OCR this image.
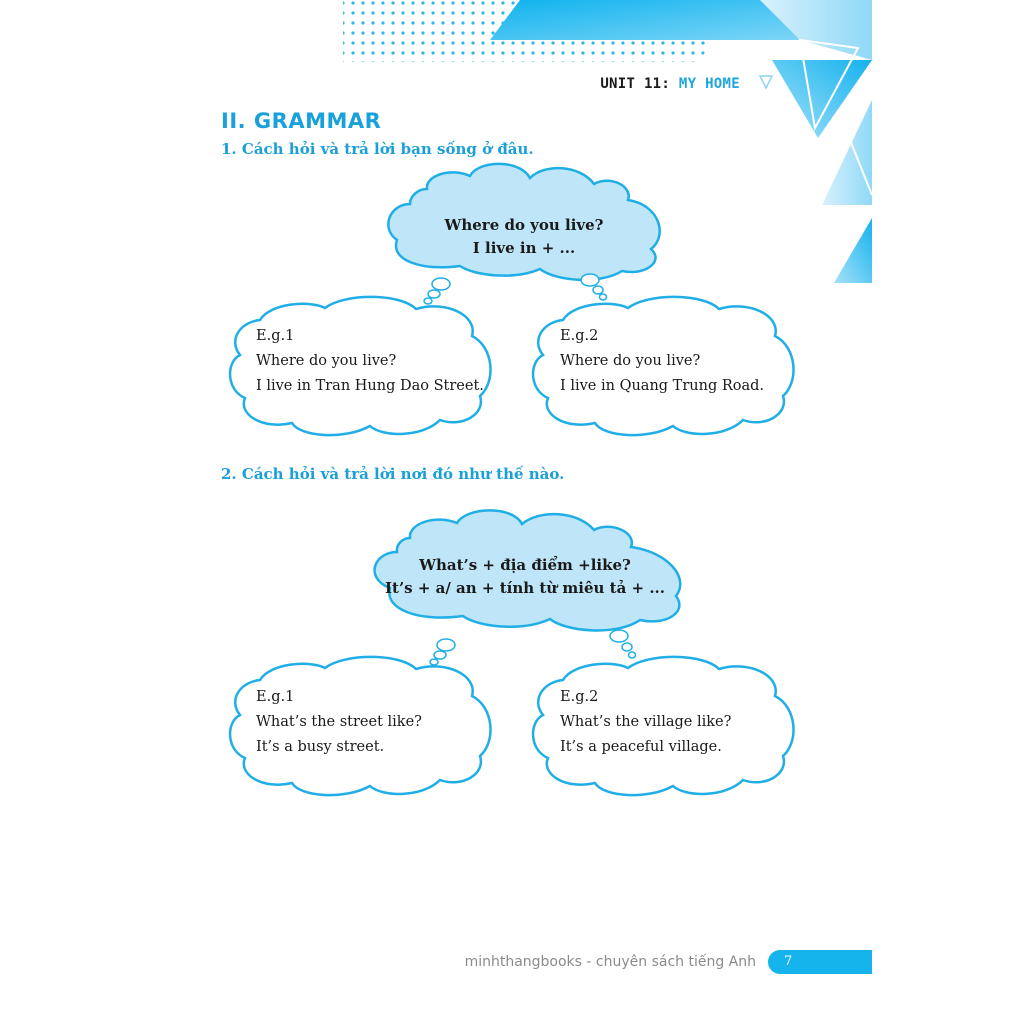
UNIT 11: MY HOME
II. GRAMMAR
1. Cách hỏi và trả lời bạn sống ở đâu.
Where do you live?
I live in + ...
E.g.1
Where do you live?
I live in Tran Hung Dao Street.
E.g.2
Where do you live?
I live in Quang Trung Road.
2. Cách hỏi và trả lời nơi đó như thế nào.
What’s + địa điểm +like?
It’s + a/ an + tính từ miêu tả + ...
E.g.1
What’s the street like?
It’s a busy street.
E.g.2
What’s the village like?
It’s a peaceful village.
minhthangbooks - chuyên sách tiếng Anh 7
